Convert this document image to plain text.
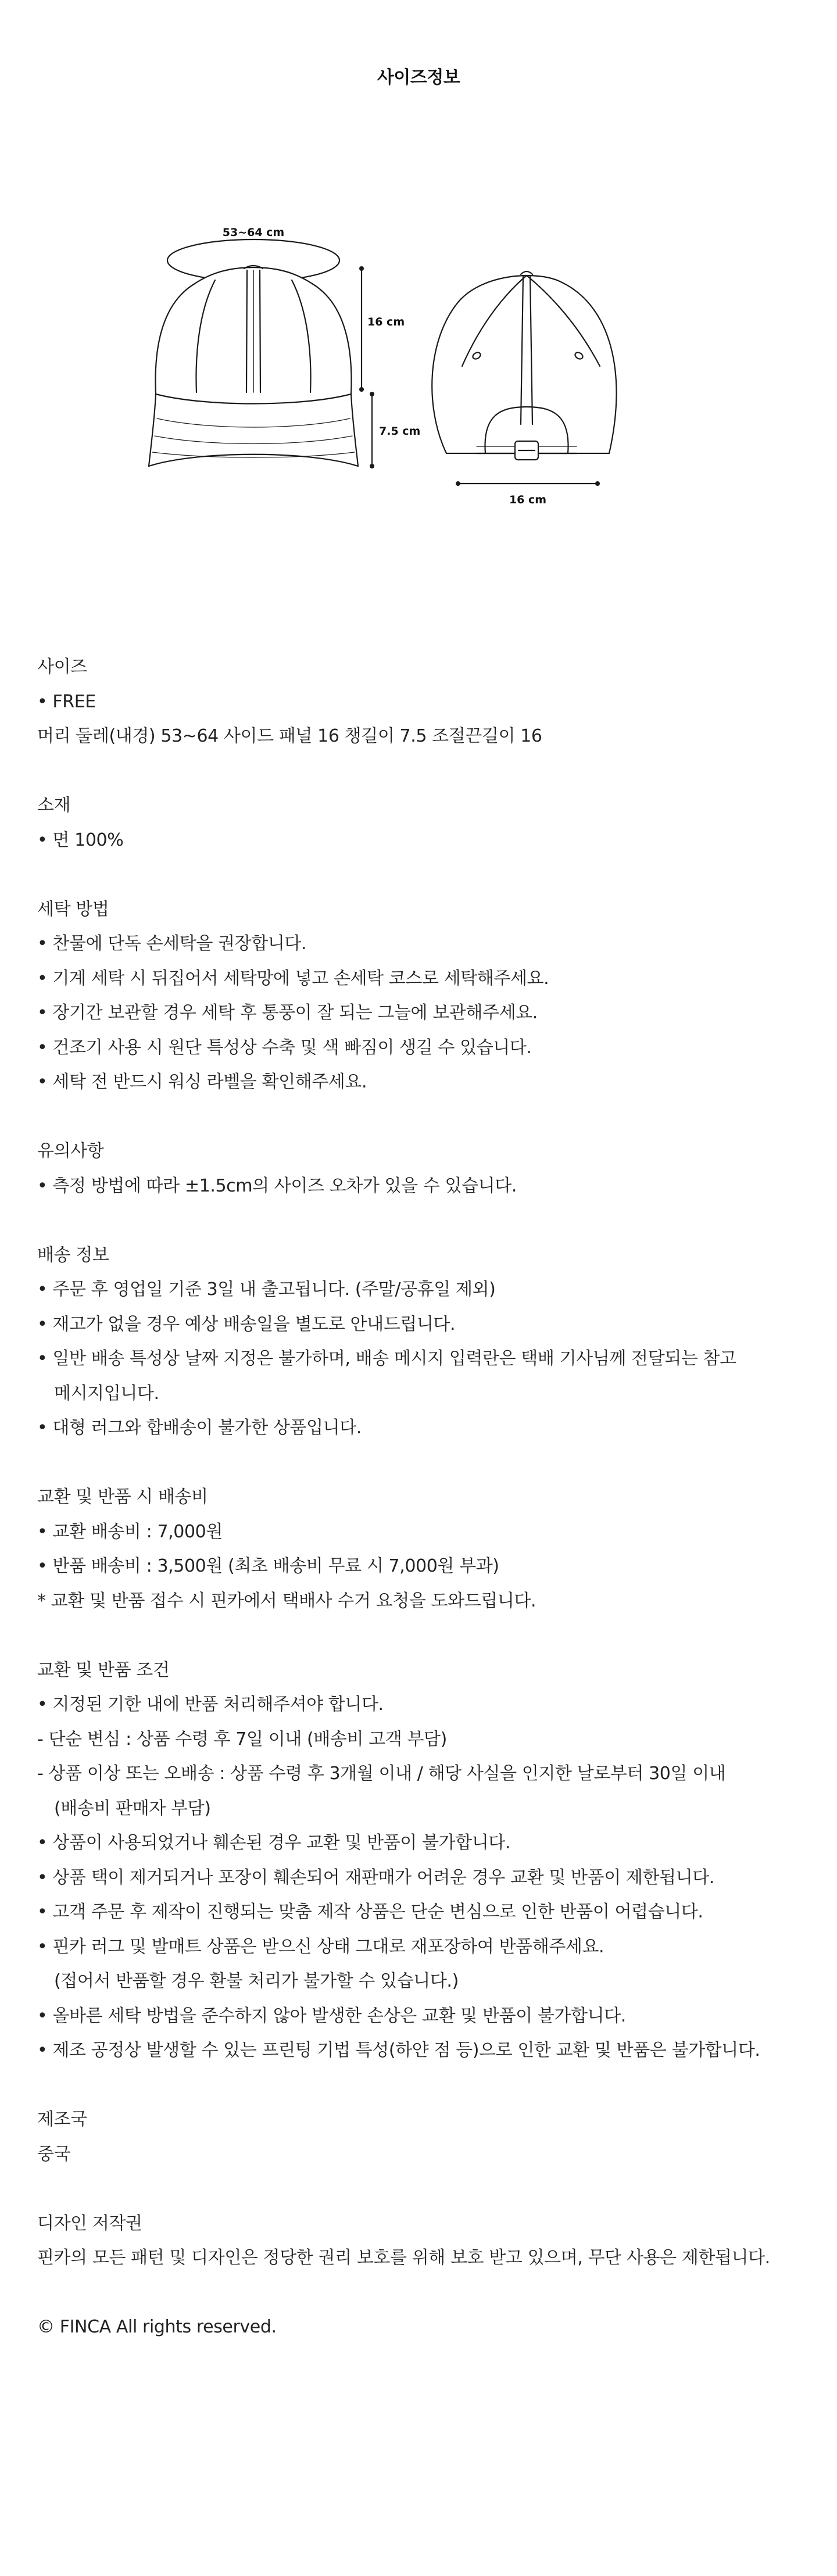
사이즈정보
53~64 cm
16 cm
7.5 cm
16 cm
사이즈
• FREE
머리 둘레(내경) 53~64 사이드 패널 16 챙길이 7.5 조절끈길이 16
소재
• 면 100%
세탁 방법
• 찬물에 단독 손세탁을 권장합니다.
• 기계 세탁 시 뒤집어서 세탁망에 넣고 손세탁 코스로 세탁해주세요.
• 장기간 보관할 경우 세탁 후 통풍이 잘 되는 그늘에 보관해주세요.
• 건조기 사용 시 원단 특성상 수축 및 색 빠짐이 생길 수 있습니다.
• 세탁 전 반드시 워싱 라벨을 확인해주세요.
유의사항
• 측정 방법에 따라 ±1.5cm의 사이즈 오차가 있을 수 있습니다.
배송 정보
• 주문 후 영업일 기준 3일 내 출고됩니다. (주말/공휴일 제외)
• 재고가 없을 경우 예상 배송일을 별도로 안내드립니다.
• 일반 배송 특성상 날짜 지정은 불가하며, 배송 메시지 입력란은 택배 기사님께 전달되는 참고
메시지입니다.
• 대형 러그와 합배송이 불가한 상품입니다.
교환 및 반품 시 배송비
• 교환 배송비 : 7,000원
• 반품 배송비 : 3,500원 (최초 배송비 무료 시 7,000원 부과)
* 교환 및 반품 접수 시 핀카에서 택배사 수거 요청을 도와드립니다.
교환 및 반품 조건
• 지정된 기한 내에 반품 처리해주셔야 합니다.
- 단순 변심 : 상품 수령 후 7일 이내 (배송비 고객 부담)
- 상품 이상 또는 오배송 : 상품 수령 후 3개월 이내 / 해당 사실을 인지한 날로부터 30일 이내
(배송비 판매자 부담)
• 상품이 사용되었거나 훼손된 경우 교환 및 반품이 불가합니다.
• 상품 택이 제거되거나 포장이 훼손되어 재판매가 어려운 경우 교환 및 반품이 제한됩니다.
• 고객 주문 후 제작이 진행되는 맞춤 제작 상품은 단순 변심으로 인한 반품이 어렵습니다.
• 핀카 러그 및 발매트 상품은 받으신 상태 그대로 재포장하여 반품해주세요.
(접어서 반품할 경우 환불 처리가 불가할 수 있습니다.)
• 올바른 세탁 방법을 준수하지 않아 발생한 손상은 교환 및 반품이 불가합니다.
• 제조 공정상 발생할 수 있는 프린팅 기법 특성(하얀 점 등)으로 인한 교환 및 반품은 불가합니다.
제조국
중국
디자인 저작권
핀카의 모든 패턴 및 디자인은 정당한 권리 보호를 위해 보호 받고 있으며, 무단 사용은 제한됩니다.
© FINCA All rights reserved.
